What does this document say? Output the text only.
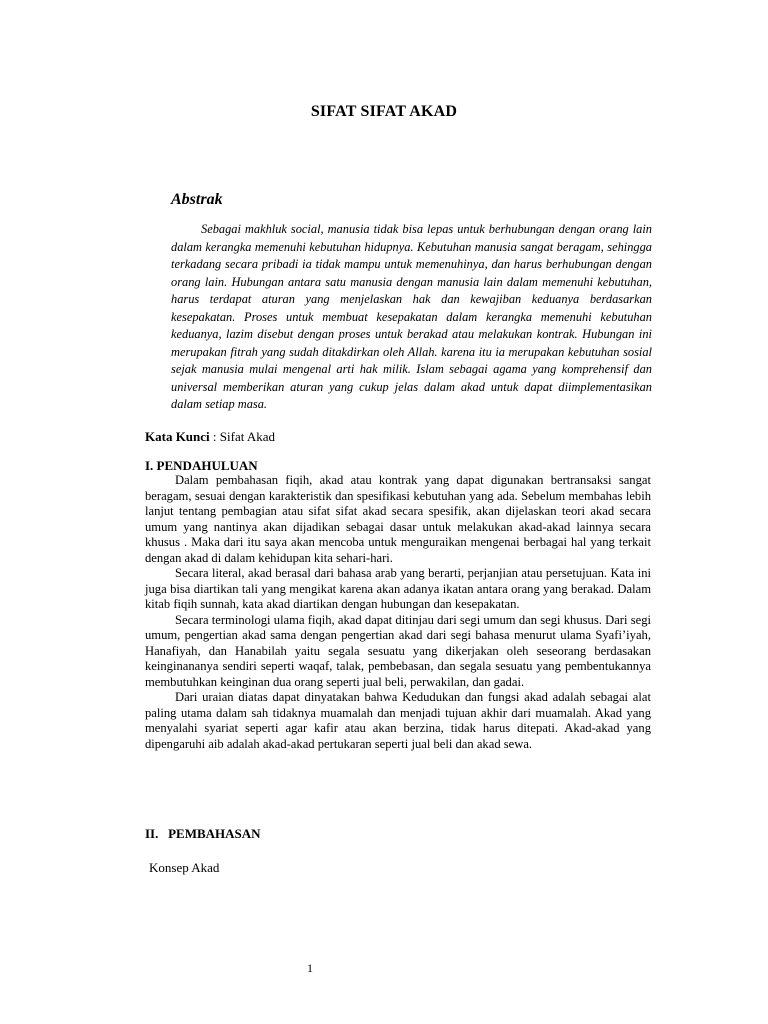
SIFAT SIFAT AKAD
Abstrak
Sebagai makhluk social, manusia tidak bisa lepas untuk berhubungan dengan orang lain dalam kerangka memenuhi kebutuhan hidupnya. Kebutuhan manusia sangat beragam, sehingga terkadang secara pribadi ia tidak mampu untuk memenuhinya, dan harus berhubungan dengan orang lain. Hubungan antara satu manusia dengan manusia lain dalam memenuhi kebutuhan, harus terdapat aturan yang menjelaskan hak dan kewajiban keduanya berdasarkan kesepakatan. Proses untuk membuat kesepakatan dalam kerangka memenuhi kebutuhan keduanya, lazim disebut dengan proses untuk berakad atau melakukan kontrak. Hubungan ini merupakan fitrah yang sudah ditakdirkan oleh Allah. karena itu ia merupakan kebutuhan sosial sejak manusia mulai mengenal arti hak milik. Islam sebagai agama yang komprehensif dan universal memberikan aturan yang cukup jelas dalam akad untuk dapat diimplementasikan dalam setiap masa.
Kata Kunci : Sifat Akad
I. PENDAHULUAN

Dalam pembahasan fiqih, akad atau kontrak yang dapat digunakan bertransaksi sangat beragam, sesuai dengan karakteristik dan spesifikasi kebutuhan yang ada. Sebelum membahas lebih lanjut tentang pembagian atau sifat sifat akad secara spesifik, akan dijelaskan teori akad secara umum yang nantinya akan dijadikan sebagai dasar untuk melakukan akad-akad lainnya secara khusus . Maka dari itu saya akan mencoba untuk menguraikan mengenai berbagai hal yang terkait dengan akad di dalam kehidupan kita sehari-hari.

Secara literal, akad berasal dari bahasa arab yang berarti, perjanjian atau persetujuan. Kata ini juga bisa diartikan tali yang mengikat karena akan adanya ikatan antara orang yang berakad. Dalam kitab fiqih sunnah, kata akad diartikan dengan hubungan dan kesepakatan.

Secara terminologi ulama fiqih, akad dapat ditinjau dari segi umum dan segi khusus. Dari segi umum, pengertian akad sama dengan pengertian akad dari segi bahasa menurut ulama Syafi’iyah, Hanafiyah, dan Hanabilah yaitu segala sesuatu yang dikerjakan oleh seseorang berdasakan keinginananya sendiri seperti waqaf, talak, pembebasan, dan segala sesuatu yang pembentukannya membutuhkan keinginan dua orang seperti jual beli, perwakilan, dan gadai.

Dari uraian diatas dapat dinyatakan bahwa Kedudukan dan fungsi akad adalah sebagai alat paling utama dalam sah tidaknya muamalah dan menjadi tujuan akhir dari muamalah. Akad yang menyalahi syariat seperti agar kafir atau akan berzina, tidak harus ditepati. Akad-akad yang dipengaruhi aib adalah akad-akad pertukaran seperti jual beli dan akad sewa.

II.   PEMBAHASAN
Konsep Akad
1
